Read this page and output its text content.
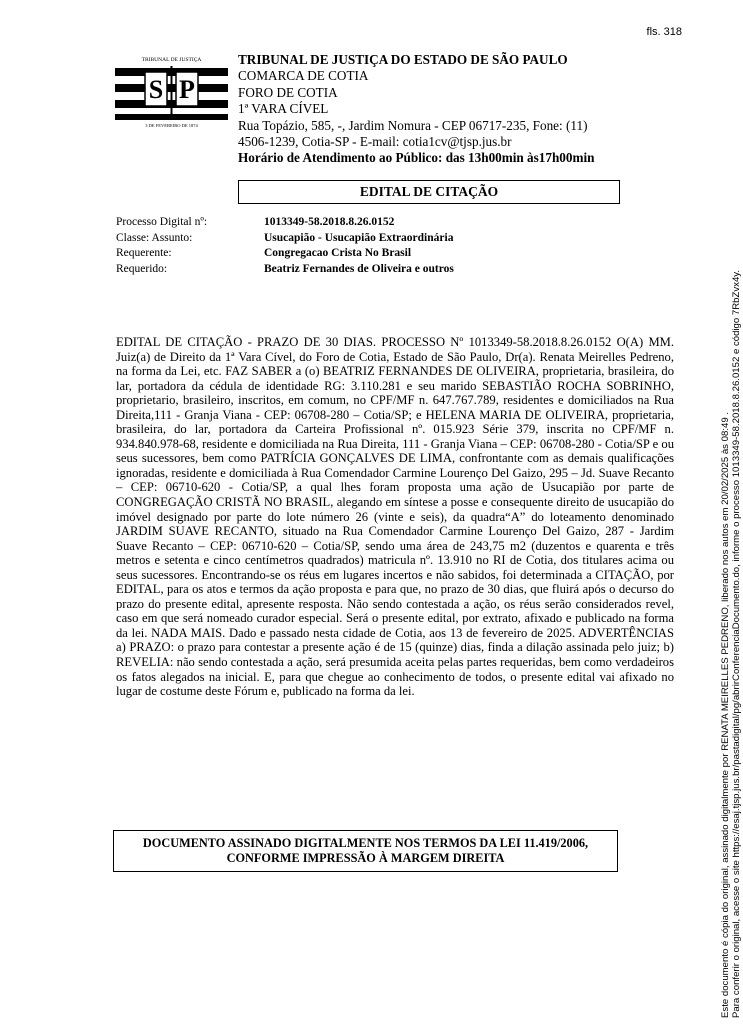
fls. 318
TRIBUNAL DE JUSTIÇA
S P
3 DE FEVEREIRO DE 1874
TRIBUNAL DE JUSTIÇA DO ESTADO DE SÃO PAULO
COMARCA DE COTIA
FORO DE COTIA
1ª VARA CÍVEL
Rua Topázio, 585, -, Jardim Nomura - CEP 06717-235, Fone: (11) 4506-1239, Cotia-SP - E-mail: cotia1cv@tjsp.jus.br
Horário de Atendimento ao Público: das 13h00min às17h00min
EDITAL DE CITAÇÃO
Processo Digital nº:	1013349-58.2018.8.26.0152
Classe: Assunto:	Usucapião - Usucapião Extraordinária
Requerente:	Congregacao Crista No Brasil
Requerido:	Beatriz Fernandes de Oliveira e outros
EDITAL DE CITAÇÃO - PRAZO DE 30 DIAS. PROCESSO Nº 1013349-58.2018.8.26.0152 O(A) MM. Juiz(a) de Direito da 1ª Vara Cível, do Foro de Cotia, Estado de São Paulo, Dr(a). Renata Meirelles Pedreno, na forma da Lei, etc. FAZ SABER a (o) BEATRIZ FERNANDES DE OLIVEIRA, proprietaria, brasileira, do lar, portadora da cédula de identidade RG: 3.110.281 e seu marido SEBASTIÃO ROCHA SOBRINHO, proprietario, brasileiro, inscritos, em comum, no CPF/MF n. 647.767.789, residentes e domiciliados na Rua Direita,111 - Granja Viana - CEP: 06708-280 – Cotia/SP; e HELENA MARIA DE OLIVEIRA, proprietaria, brasileira, do lar, portadora da Carteira Profissional nº. 015.923 Série 379, inscrita no CPF/MF n. 934.840.978-68, residente e domiciliada na Rua Direita, 111 - Granja Viana – CEP: 06708-280 - Cotia/SP e ou seus sucessores, bem como PATRÍCIA GONÇALVES DE LIMA, confrontante com as demais qualificações ignoradas, residente e domiciliada à Rua Comendador Carmine Lourenço Del Gaizo, 295 – Jd. Suave Recanto – CEP: 06710-620 - Cotia/SP, a qual lhes foram proposta uma ação de Usucapião por parte de CONGREGAÇÃO CRISTÃ NO BRASIL, alegando em síntese a posse e consequente direito de usucapião do imóvel designado por parte do lote número 26 (vinte e seis), da quadra“A” do loteamento denominado JARDIM SUAVE RECANTO, situado na Rua Comendador Carmine Lourenço Del Gaizo, 287 - Jardim Suave Recanto – CEP: 06710-620 – Cotia/SP, sendo uma área de 243,75 m2 (duzentos e quarenta e três metros e setenta e cinco centímetros quadrados) matricula nº. 13.910 no RI de Cotia, dos titulares acima ou seus sucessores. Encontrando-se os réus em lugares incertos e não sabidos, foi determinada a CITAÇÃO, por EDITAL, para os atos e termos da ação proposta e para que, no prazo de 30 dias, que fluirá após o decurso do prazo do presente edital, apresente resposta. Não sendo contestada a ação, os réus serão considerados revel, caso em que será nomeado curador especial. Será o presente edital, por extrato, afixado e publicado na forma da lei. NADA MAIS. Dado e passado nesta cidade de Cotia, aos 13 de fevereiro de 2025. ADVERTÊNCIAS a) PRAZO: o prazo para contestar a presente ação é de 15 (quinze) dias, finda a dilação assinada pelo juiz; b) REVELIA: não sendo contestada a ação, será presumida aceita pelas partes requeridas, bem como verdadeiros os fatos alegados na inicial. E, para que chegue ao conhecimento de todos, o presente edital vai afixado no lugar de costume deste Fórum e, publicado na forma da lei.
DOCUMENTO ASSINADO DIGITALMENTE NOS TERMOS DA LEI 11.419/2006,
CONFORME IMPRESSÃO À MARGEM DIREITA	Este documento é cópia do original, assinado digitalmente por RENATA MEIRELLES PEDRENO, liberado nos autos em 20/02/2025 às 08:49 . Para conferir o original, acesse o site https://esaj.tjsp.jus.br/pastadigital/pg/abrirConferenciaDocumento.do, informe o processo 1013349-58.2018.8.26.0152 e código 7RbZvx4y.
